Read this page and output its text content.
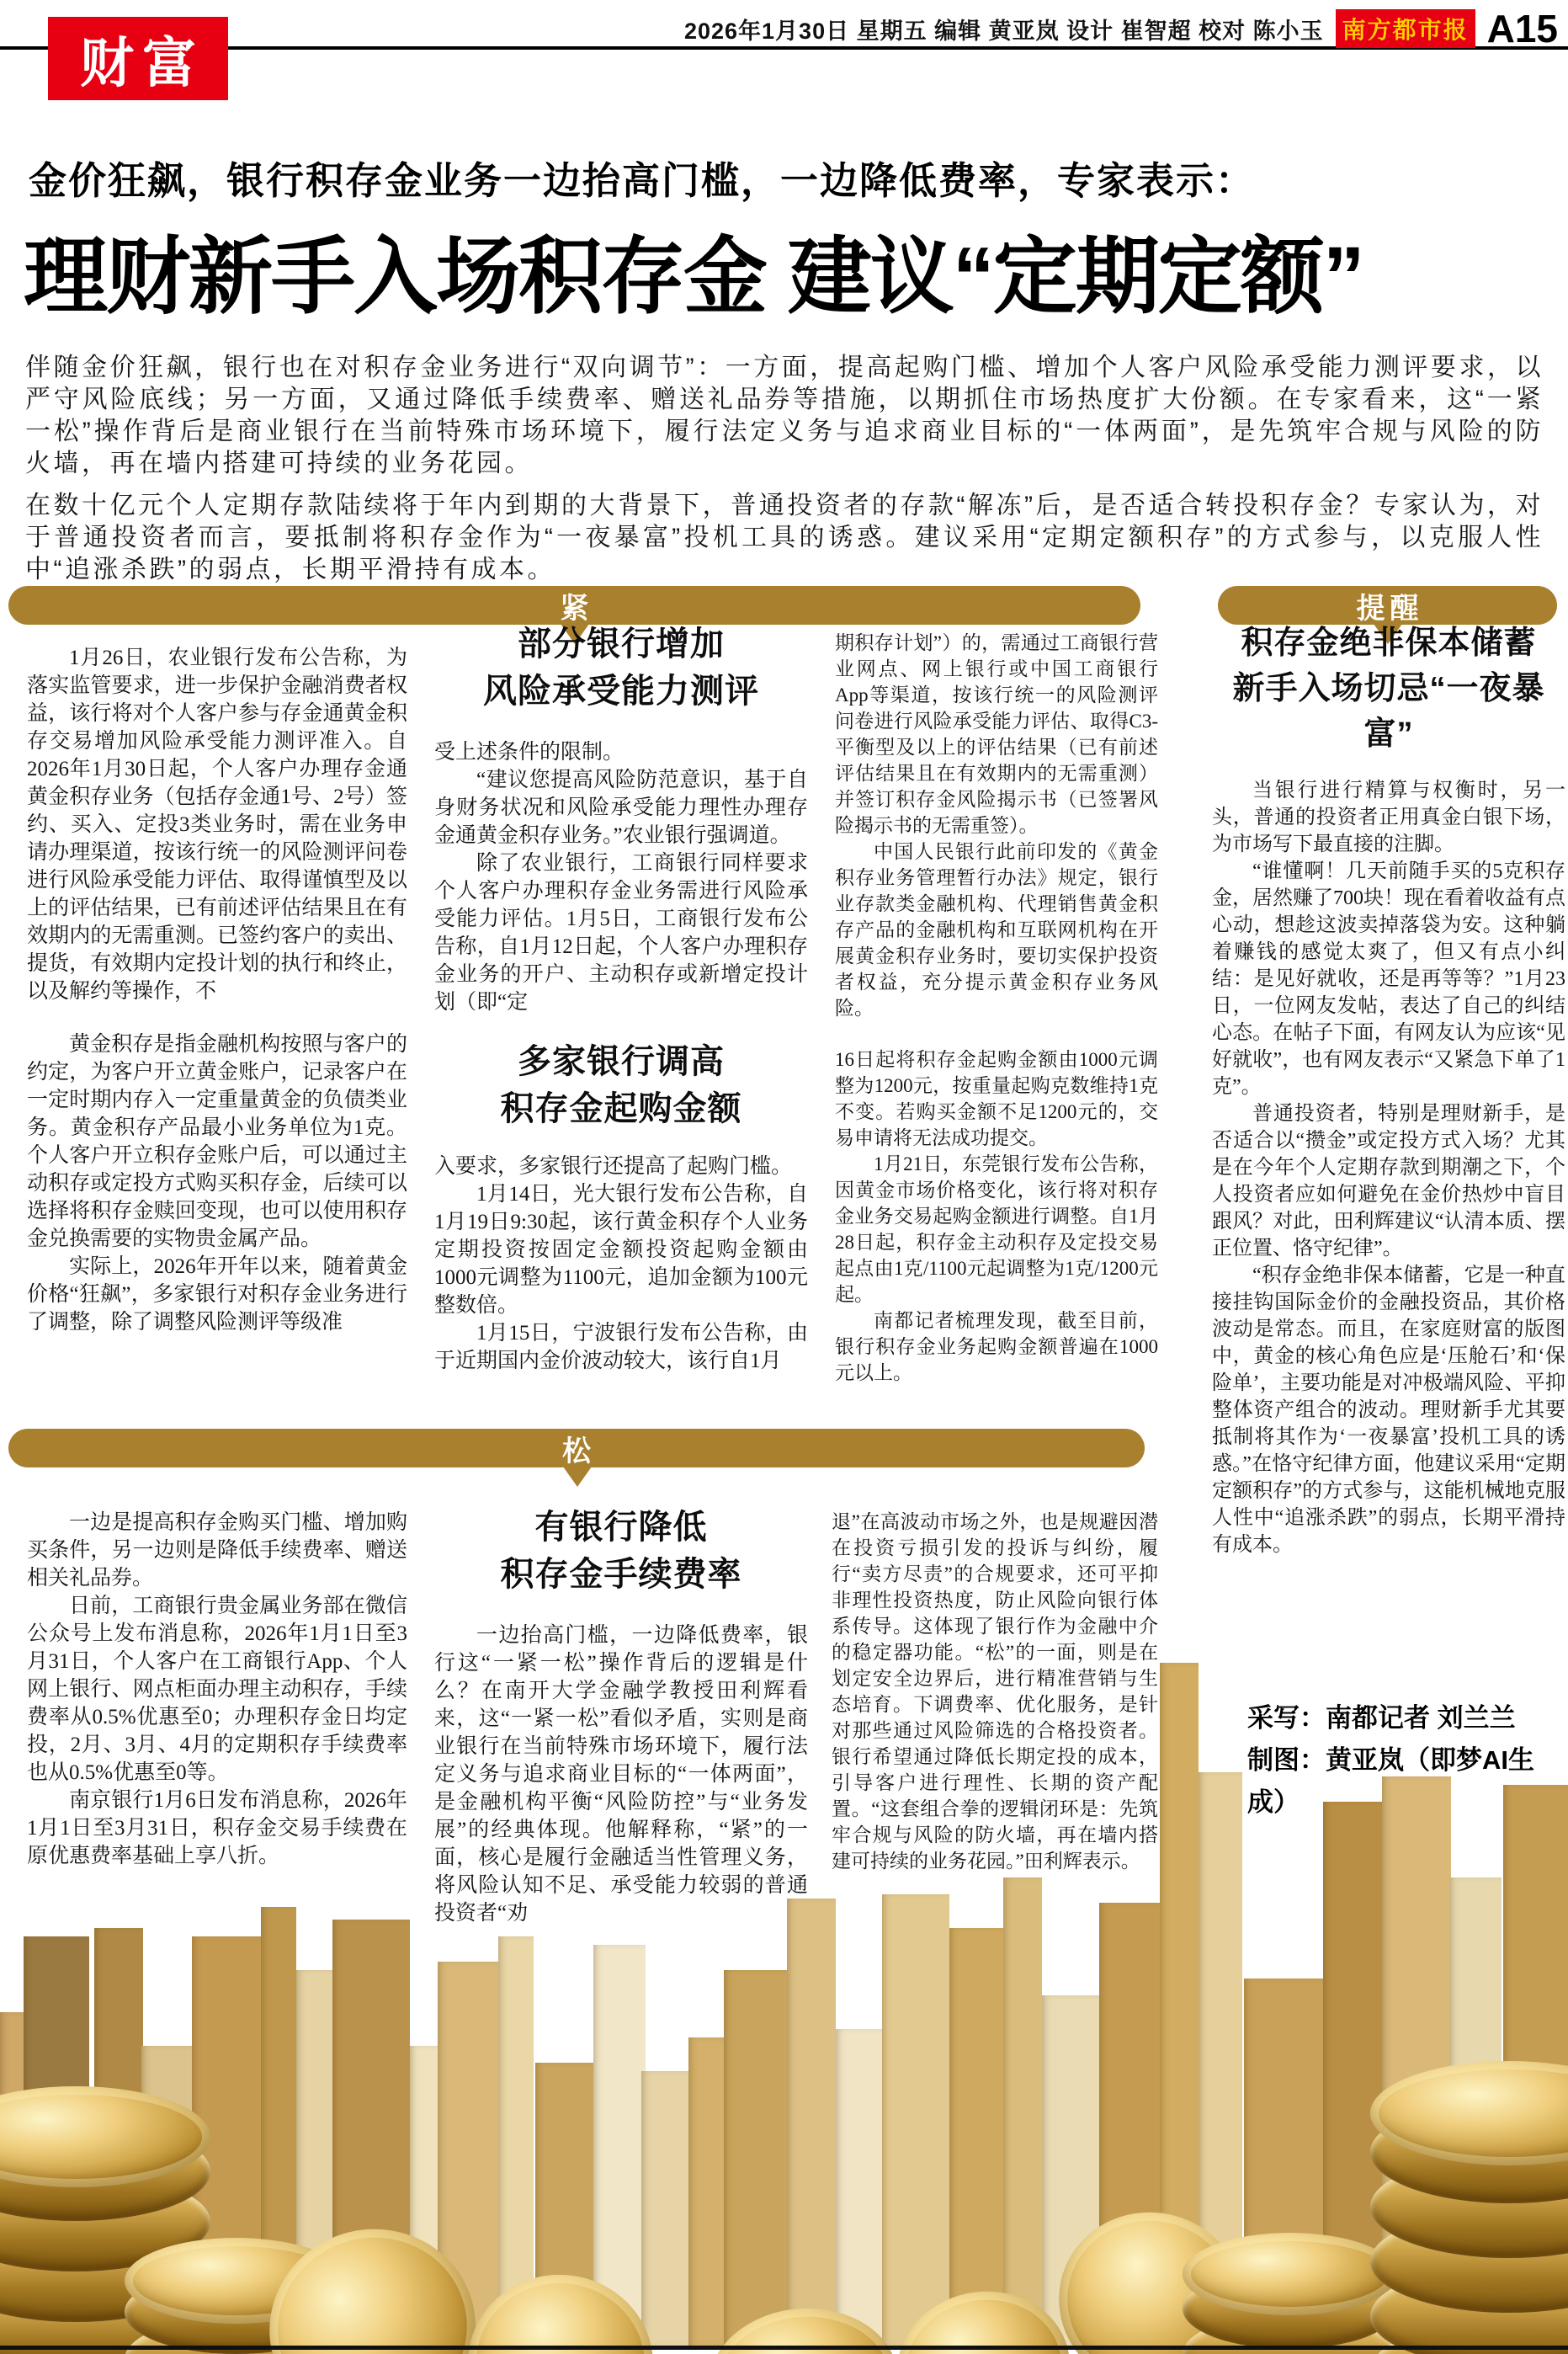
财富
2026年1月30日 星期五 编辑 黄亚岚 设计 崔智超 校对 陈小玉 南方都市报 A15
金价狂飙，银行积存金业务一边抬高门槛，一边降低费率，专家表示：
理财新手入场积存金 建议“定期定额”

伴随金价狂飙，银行也在对积存金业务进行“双向调节”：一方面，提高起购门槛、增加个人客户风险承受能力测评要求，以严守风险底线；另一方面，又通过降低手续费率、赠送礼品券等措施，以期抓住市场热度扩大份额。在专家看来，这“一紧一松”操作背后是商业银行在当前特殊市场环境下，履行法定义务与追求商业目标的“一体两面”，是先筑牢合规与风险的防火墙，再在墙内搭建可持续的业务花园。

在数十亿元个人定期存款陆续将于年内到期的大背景下，普通投资者的存款“解冻”后，是否适合转投积存金？专家认为，对于普通投资者而言，要抵制将积存金作为“一夜暴富”投机工具的诱惑。建议采用“定期定额积存”的方式参与，以克服人性中“追涨杀跌”的弱点，长期平滑持有成本。

紧	提醒
松

1月26日，农业银行发布公告称，为落实监管要求，进一步保护金融消费者权益，该行将对个人客户参与存金通黄金积存交易增加风险承受能力测评准入。自2026年1月30日起，个人客户办理存金通黄金积存业务（包括存金通1号、2号）签约、买入、定投3类业务时，需在业务申请办理渠道，按该行统一的风险测评问卷进行风险承受能力评估、取得谨慎型及以上的评估结果，已有前述评估结果且在有效期内的无需重测。已签约客户的卖出、提货，有效期内定投计划的执行和终止，以及解约等操作，不

黄金积存是指金融机构按照与客户的约定，为客户开立黄金账户，记录客户在一定时期内存入一定重量黄金的负债类业务。黄金积存产品最小业务单位为1克。个人客户开立积存金账户后，可以通过主动积存或定投方式购买积存金，后续可以选择将积存金赎回变现，也可以使用积存金兑换需要的实物贵金属产品。

实际上，2026年开年以来，随着黄金价格“狂飙”，多家银行对积存金业务进行了调整，除了调整风险测评等级准

部分银行增加
风险承受能力测评

受上述条件的限制。

“建议您提高风险防范意识，基于自身财务状况和风险承受能力理性办理存金通黄金积存业务。”农业银行强调道。

除了农业银行，工商银行同样要求个人客户办理积存金业务需进行风险承受能力评估。1月5日，工商银行发布公告称，自1月12日起，个人客户办理积存金业务的开户、主动积存或新增定投计划（即“定

多家银行调高
积存金起购金额

入要求，多家银行还提高了起购门槛。

1月14日，光大银行发布公告称，自1月19日9:30起，该行黄金积存个人业务定期投资按固定金额投资起购金额由1000元调整为1100元，追加金额为100元整数倍。

1月15日，宁波银行发布公告称，由于近期国内金价波动较大，该行自1月

期积存计划”）的，需通过工商银行营业网点、网上银行或中国工商银行App等渠道，按该行统一的风险测评问卷进行风险承受能力评估、取得C3-平衡型及以上的评估结果（已有前述评估结果且在有效期内的无需重测）并签订积存金风险揭示书（已签署风险揭示书的无需重签）。

中国人民银行此前印发的《黄金积存业务管理暂行办法》规定，银行业存款类金融机构、代理销售黄金积存产品的金融机构和互联网机构在开展黄金积存业务时，要切实保护投资者权益，充分提示黄金积存业务风险。

16日起将积存金起购金额由1000元调整为1200元，按重量起购克数维持1克不变。若购买金额不足1200元的，交易申请将无法成功提交。

1月21日，东莞银行发布公告称，因黄金市场价格变化，该行将对积存金业务交易起购金额进行调整。自1月28日起，积存金主动积存及定投交易起点由1克/1100元起调整为1克/1200元起。

南都记者梳理发现，截至目前，银行积存金业务起购金额普遍在1000元以上。

积存金绝非保本储蓄
新手入场切忌“一夜暴富”

当银行进行精算与权衡时，另一头，普通的投资者正用真金白银下场，为市场写下最直接的注脚。

“谁懂啊！几天前随手买的5克积存金，居然赚了700块！现在看着收益有点心动，想趁这波卖掉落袋为安。这种躺着赚钱的感觉太爽了，但又有点小纠结：是见好就收，还是再等等？”1月23日，一位网友发帖，表达了自己的纠结心态。在帖子下面，有网友认为应该“见好就收”，也有网友表示“又紧急下单了1克”。

普通投资者，特别是理财新手，是否适合以“攒金”或定投方式入场？尤其是在今年个人定期存款到期潮之下，个人投资者应如何避免在金价热炒中盲目跟风？对此，田利辉建议“认清本质、摆正位置、恪守纪律”。

“积存金绝非保本储蓄，它是一种直接挂钩国际金价的金融投资品，其价格波动是常态。而且，在家庭财富的版图中，黄金的核心角色应是‘压舱石’和‘保险单’，主要功能是对冲极端风险、平抑整体资产组合的波动。理财新手尤其要抵制将其作为‘一夜暴富’投机工具的诱惑。”在恪守纪律方面，他建议采用“定期定额积存”的方式参与，这能机械地克服人性中“追涨杀跌”的弱点，长期平滑持有成本。

采写：南都记者 刘兰兰
制图：黄亚岚（即梦AI生成）

一边是提高积存金购买门槛、增加购买条件，另一边则是降低手续费率、赠送相关礼品券。

日前，工商银行贵金属业务部在微信公众号上发布消息称，2026年1月1日至3月31日，个人客户在工商银行App、个人网上银行、网点柜面办理主动积存，手续费率从0.5%优惠至0；办理积存金日均定投，2月、3月、4月的定期积存手续费率也从0.5%优惠至0等。

南京银行1月6日发布消息称，2026年1月1日至3月31日，积存金交易手续费在原优惠费率基础上享八折。

有银行降低
积存金手续费率

一边抬高门槛，一边降低费率，银行这“一紧一松”操作背后的逻辑是什么？在南开大学金融学教授田利辉看来，这“一紧一松”看似矛盾，实则是商业银行在当前特殊市场环境下，履行法定义务与追求商业目标的“一体两面”，是金融机构平衡“风险防控”与“业务发展”的经典体现。他解释称，“紧”的一面，核心是履行金融适当性管理义务，将风险认知不足、承受能力较弱的普通投资者“劝

退”在高波动市场之外，也是规避因潜在投资亏损引发的投诉与纠纷，履行“卖方尽责”的合规要求，还可平抑非理性投资热度，防止风险向银行体系传导。这体现了银行作为金融中介的稳定器功能。“松”的一面，则是在划定安全边界后，进行精准营销与生态培育。下调费率、优化服务，是针对那些通过风险筛选的合格投资者。银行希望通过降低长期定投的成本，引导客户进行理性、长期的资产配置。“这套组合拳的逻辑闭环是：先筑牢合规与风险的防火墙，再在墙内搭建可持续的业务花园。”田利辉表示。
